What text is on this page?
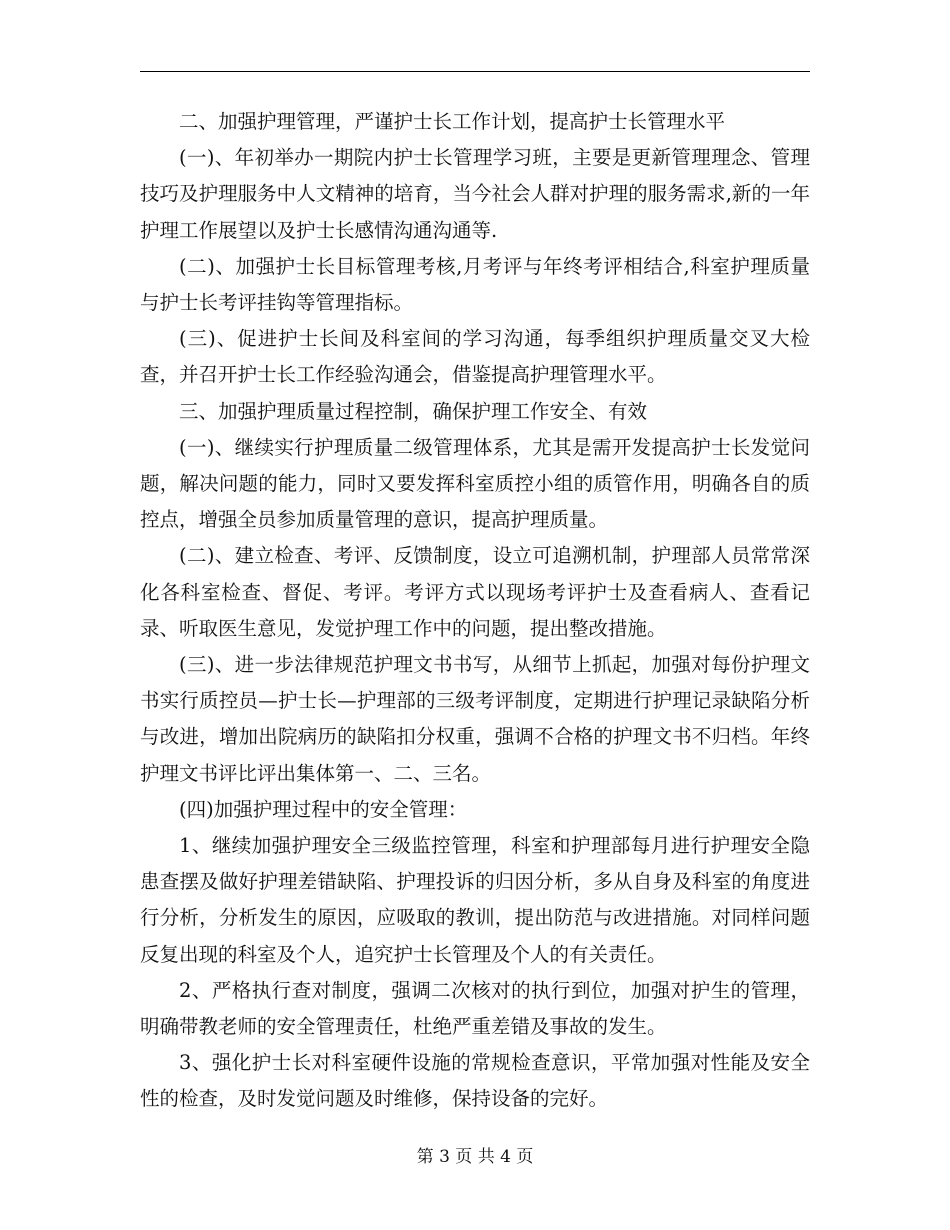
二、加强护理管理，严谨护士长工作计划，提高护士长管理水平

(一)、年初举办一期院内护士长管理学习班，主要是更新管理理念、管理技巧及护理服务中人文精神的培育，当今社会人群对护理的服务需求,新的一年护理工作展望以及护士长感情沟通沟通等.

(二)、加强护士长目标管理考核,月考评与年终考评相结合,科室护理质量与护士长考评挂钩等管理指标。

(三)、促进护士长间及科室间的学习沟通，每季组织护理质量交叉大检查，并召开护士长工作经验沟通会，借鉴提高护理管理水平。

三、加强护理质量过程控制，确保护理工作安全、有效

(一)、继续实行护理质量二级管理体系，尤其是需开发提高护士长发觉问题，解决问题的能力，同时又要发挥科室质控小组的质管作用，明确各自的质控点，增强全员参加质量管理的意识，提高护理质量。

(二)、建立检查、考评、反馈制度，设立可追溯机制，护理部人员常常深化各科室检查、督促、考评。考评方式以现场考评护士及查看病人、查看记录、听取医生意见，发觉护理工作中的问题，提出整改措施。

(三)、进一步法律规范护理文书书写，从细节上抓起，加强对每份护理文书实行质控员—护士长—护理部的三级考评制度，定期进行护理记录缺陷分析与改进，增加出院病历的缺陷扣分权重，强调不合格的护理文书不归档。年终护理文书评比评出集体第一、二、三名。

(四)加强护理过程中的安全管理：

1、继续加强护理安全三级监控管理，科室和护理部每月进行护理安全隐患查摆及做好护理差错缺陷、护理投诉的归因分析，多从自身及科室的角度进行分析，分析发生的原因，应吸取的教训，提出防范与改进措施。对同样问题反复出现的科室及个人，追究护士长管理及个人的有关责任。

2、严格执行查对制度，强调二次核对的执行到位，加强对护生的管理，明确带教老师的安全管理责任，杜绝严重差错及事故的发生。

3、强化护士长对科室硬件设施的常规检查意识，平常加强对性能及安全性的检查，及时发觉问题及时维修，保持设备的完好。

第 3 页 共 4 页
